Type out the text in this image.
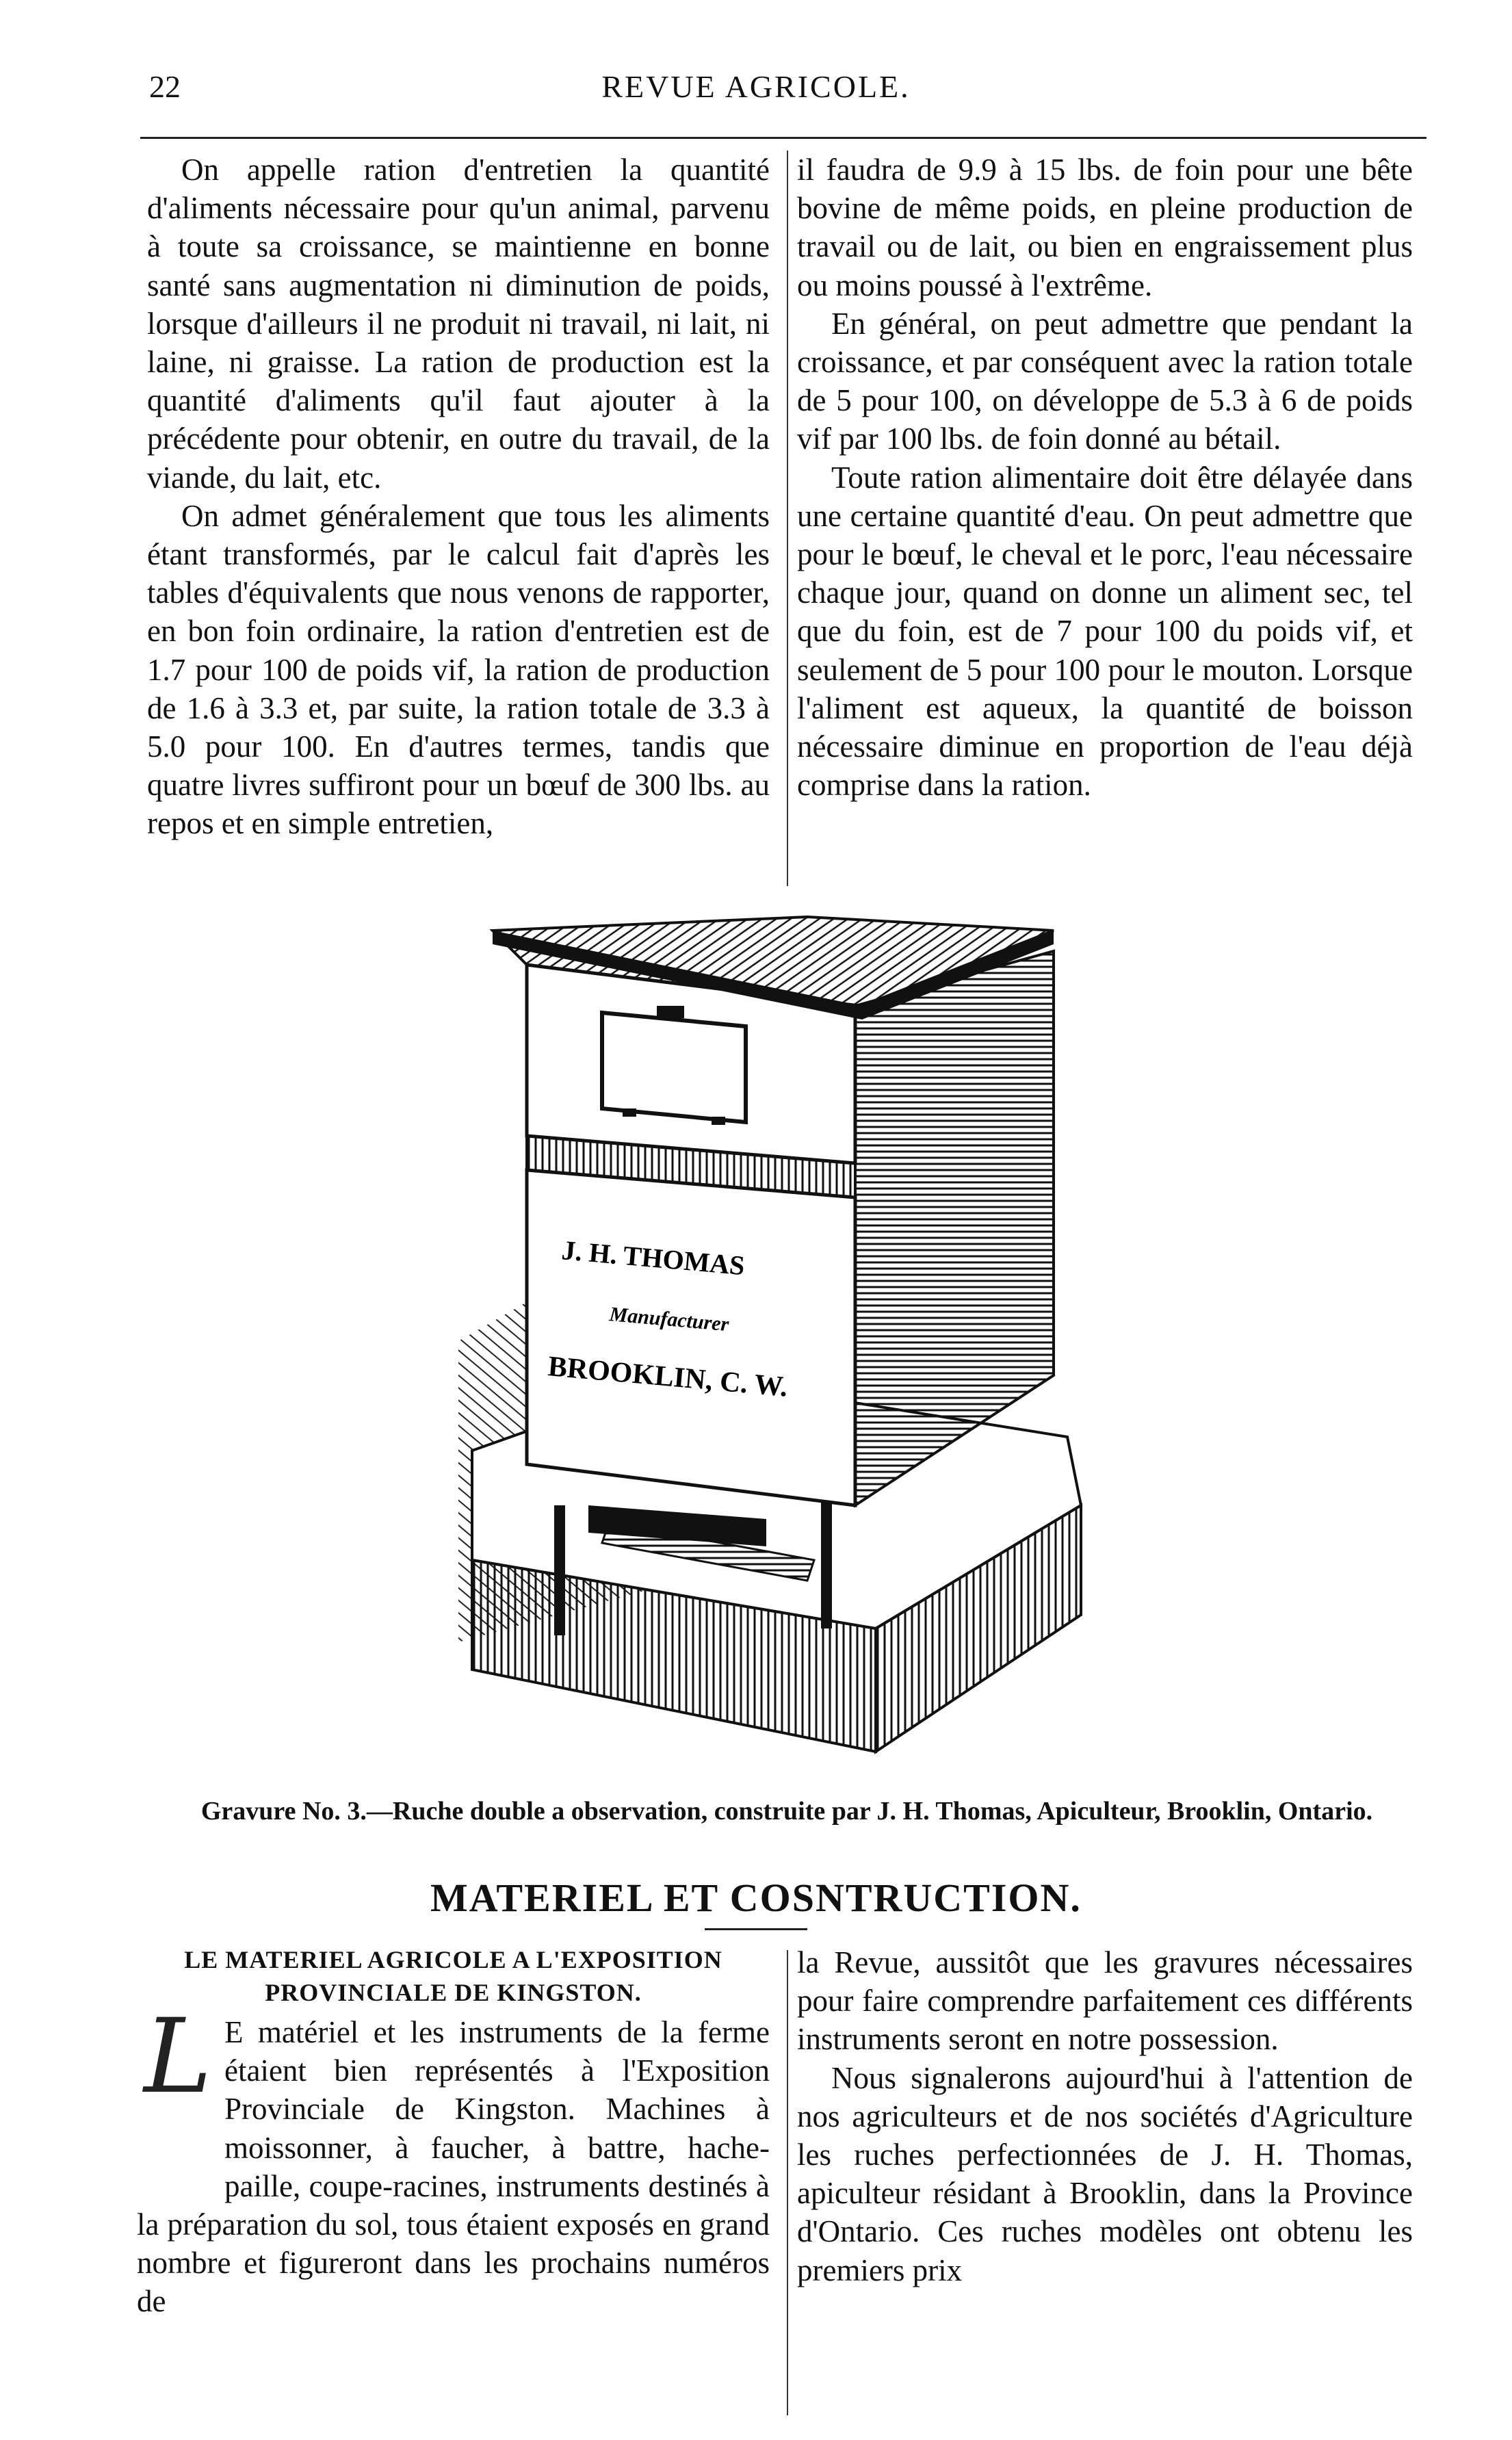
22	REVUE AGRICOLE.

On appelle ration d'entretien la quantité d'aliments nécessaire pour qu'un animal, parvenu à toute sa croissance, se maintienne en bonne santé sans augmentation ni diminution de poids, lorsque d'ailleurs il ne produit ni travail, ni lait, ni laine, ni graisse. La ration de production est la quantité d'aliments qu'il faut ajouter à la précédente pour obtenir, en outre du travail, de la viande, du lait, etc.

On admet généralement que tous les aliments étant transformés, par le calcul fait d'après les tables d'équivalents que nous venons de rapporter, en bon foin ordinaire, la ration d'entretien est de 1.7 pour 100 de poids vif, la ration de production de 1.6 à 3.3 et, par suite, la ration totale de 3.3 à 5.0 pour 100. En d'autres termes, tandis que quatre livres suffiront pour un bœuf de 300 lbs. au repos et en simple entretien,

il faudra de 9.9 à 15 lbs. de foin pour une bête bovine de même poids, en pleine production de travail ou de lait, ou bien en engraissement plus ou moins poussé à l'extrême.

En général, on peut admettre que pendant la croissance, et par conséquent avec la ration totale de 5 pour 100, on développe de 5.3 à 6 de poids vif par 100 lbs. de foin donné au bétail.

Toute ration alimentaire doit être délayée dans une certaine quantité d'eau. On peut admettre que pour le bœuf, le cheval et le porc, l'eau nécessaire chaque jour, quand on donne un aliment sec, tel que du foin, est de 7 pour 100 du poids vif, et seulement de 5 pour 100 pour le mouton. Lorsque l'aliment est aqueux, la quantité de boisson nécessaire diminue en proportion de l'eau déjà comprise dans la ration.

J. H. THOMAS
Manufacturer
BROOKLIN, C. W.
Gravure No. 3.—Ruche double a observation, construite par J. H. Thomas, Apiculteur, Brooklin, Ontario.
MATERIEL ET COSNTRUCTION.
LE MATERIEL AGRICOLE A L'EXPOSITION
PROVINCIALE DE KINGSTON.
L E matériel et les instruments de la ferme étaient bien représentés à l'Exposition Provinciale de Kingston. Machines à moissonner, à faucher, à battre, hache-paille, coupe-racines, instruments destinés à la préparation du sol, tous étaient exposés en grand nombre et figureront dans les prochains numéros de

la Revue, aussitôt que les gravures nécessaires pour faire comprendre parfaitement ces différents instruments seront en notre possession.

Nous signalerons aujourd'hui à l'attention de nos agriculteurs et de nos sociétés d'Agriculture les ruches perfectionnées de J. H. Thomas, apiculteur résidant à Brooklin, dans la Province d'Ontario. Ces ruches modèles ont obtenu les premiers prix
